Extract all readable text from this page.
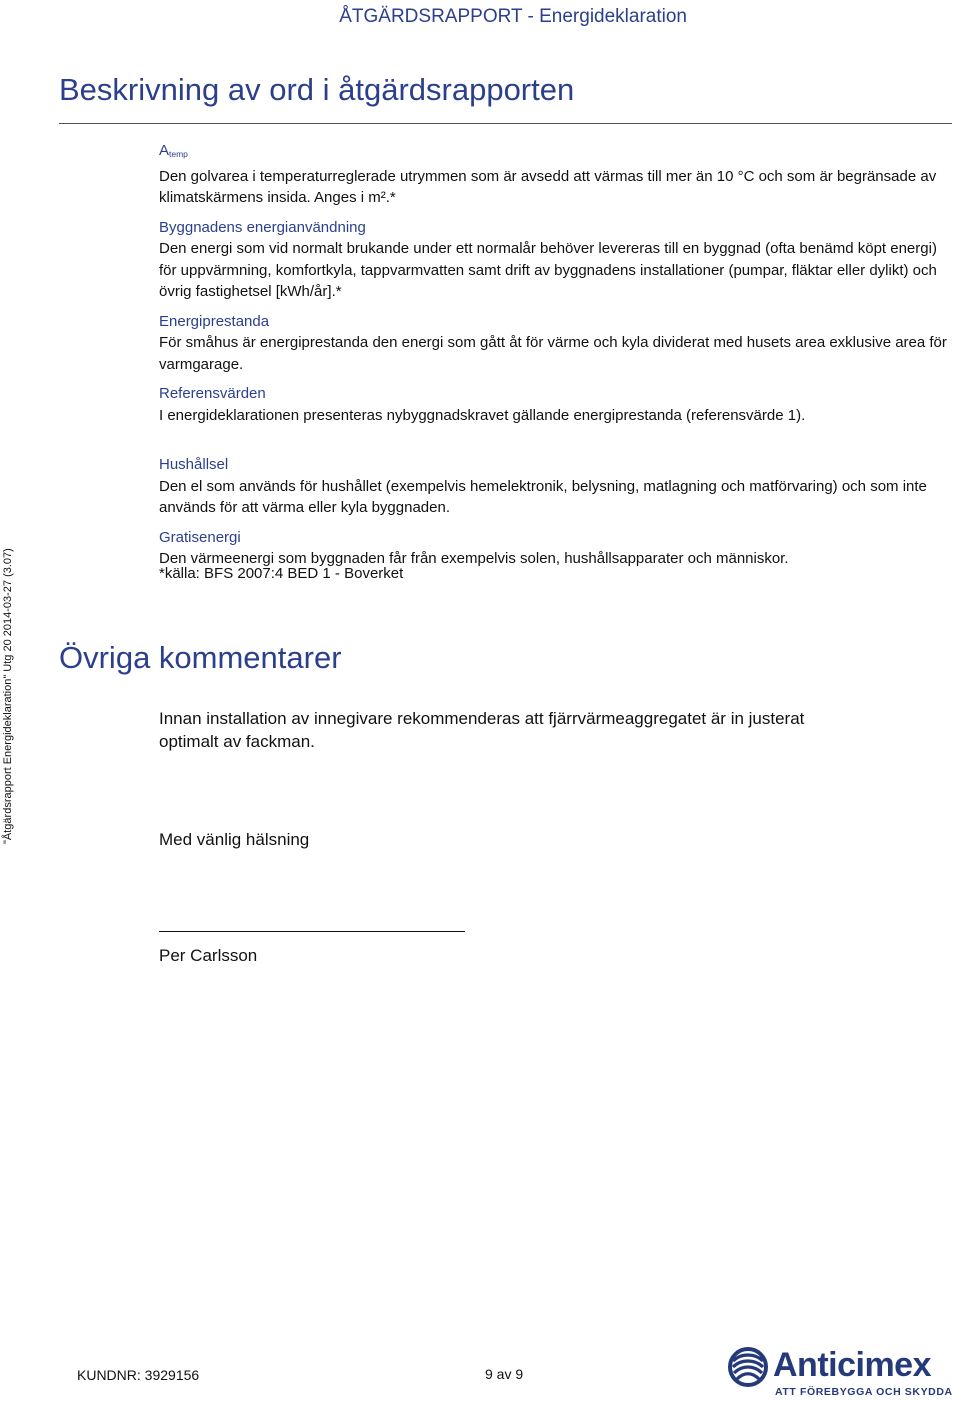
ÅTGÄRDSRAPPORT - Energideklaration
Beskrivning av ord i åtgärdsrapporten

$A_{temp}$

Den golvarea i temperaturreglerade utrymmen som är avsedd att värmas till mer än 10 °C och som är begränsade av klimatskärmens insida. Anges i m².*

Byggnadens energianvändning

Den energi som vid normalt brukande under ett normalår behöver levereras till en byggnad (ofta benämd köpt energi) för uppvärmning, komfortkyla, tappvarmvatten samt drift av byggnadens installationer (pumpar, fläktar eller dylikt) och övrig fastighetsel [kWh/år].*

Energiprestanda

För småhus är energiprestanda den energi som gått åt för värme och kyla dividerat med husets area exklusive area för varmgarage.

Referensvärden

I energideklarationen presenteras nybyggnadskravet gällande energiprestanda (referensvärde 1).

Hushållsel

Den el som används för hushållet (exempelvis hemelektronik, belysning, matlagning och matförvaring) och som inte används för att värma eller kyla byggnaden.

Gratisenergi

Den värmeenergi som byggnaden får från exempelvis solen, hushållsapparater och människor.

*källa: BFS 2007:4 BED 1 - Boverket
"Åtgärdsrapport Energideklaration" Utg 20 2014-03-27 (3.07) Övriga kommentarer

Innan installation av innegivare rekommenderas att fjärrvärmeaggregatet är in justerat optimalt av fackman.

Med vänlig hälsning
Per Carlsson
KUNDNR: 3929156	9 av 9	Anticimex
ATT FÖREBYGGA OCH SKYDDA
